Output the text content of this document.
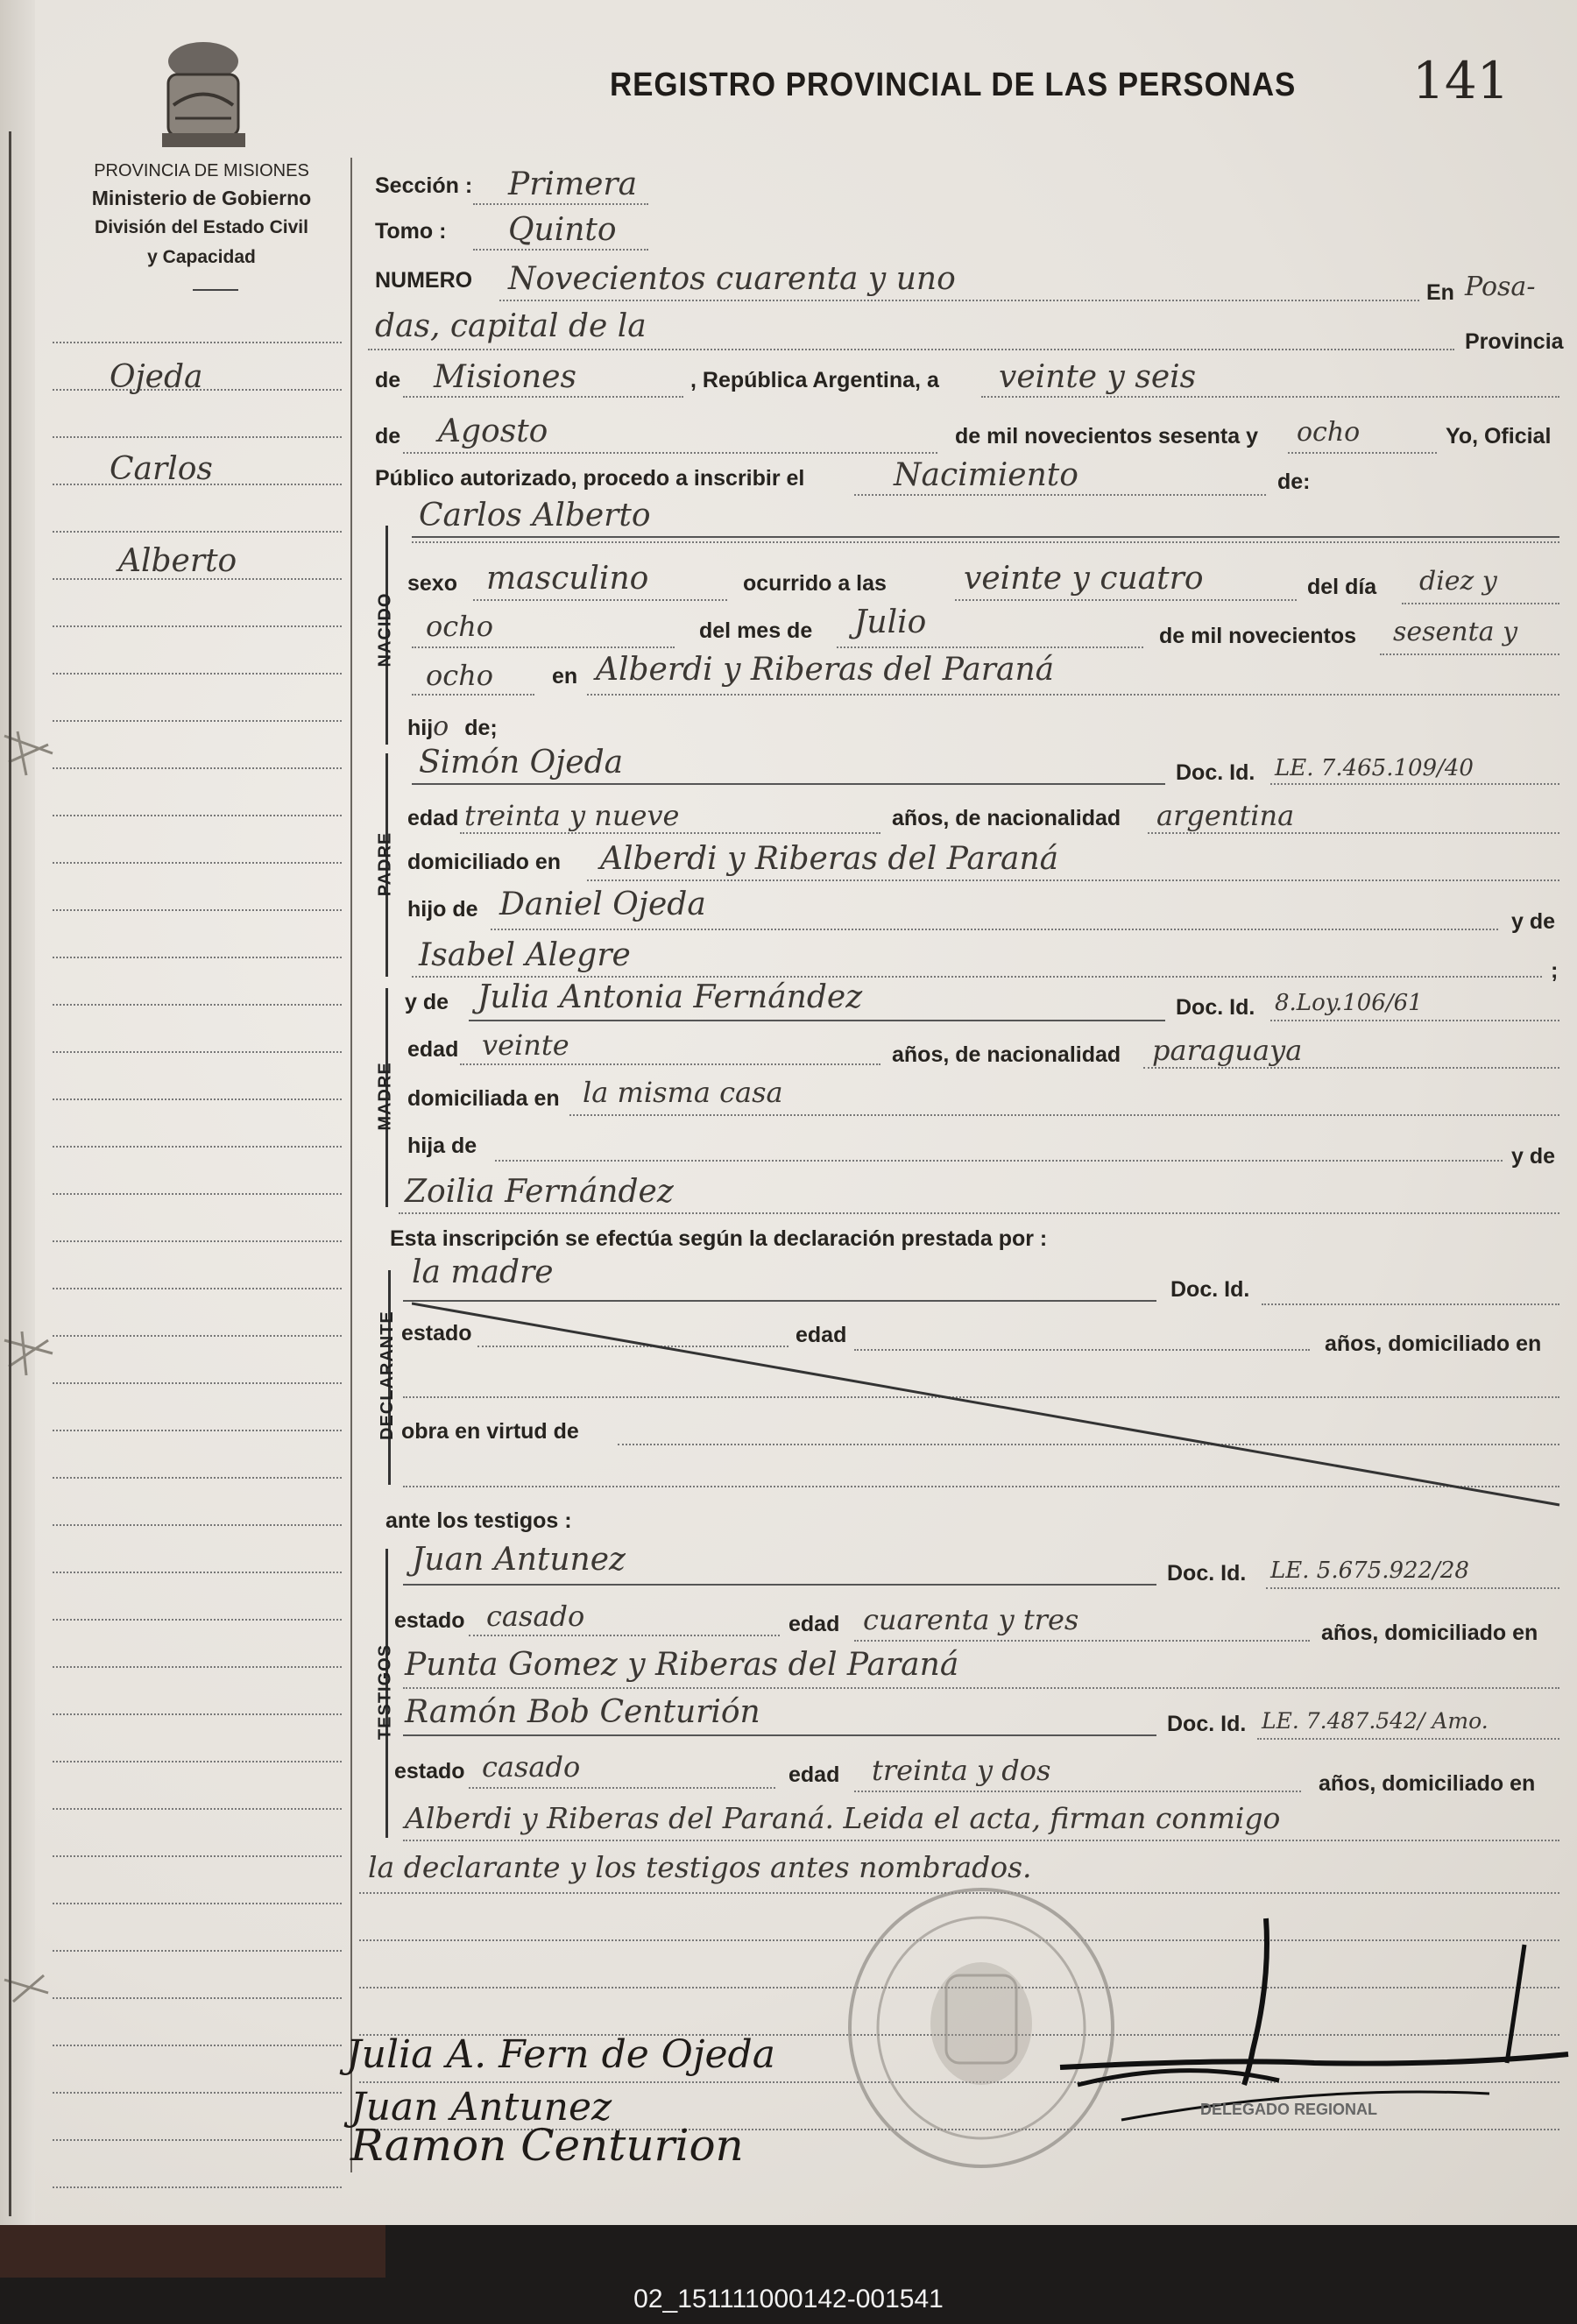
PROVINCIA DE MISIONES
Ministerio de Gobierno
División del Estado Civil
y Capacidad
REGISTRO PROVINCIAL DE LAS PERSONAS 141
Ojeda
Carlos
Alberto
Sección : Primera
Tomo : Quinto
NUMERO Novecientos cuarenta y uno	En Posa-
das, capital de la	Provincia
de Misiones	, República Argentina, a veinte y seis
de Agosto	de mil novecientos sesenta y ocho	Yo, Oficial
Público autorizado, procedo a inscribir el	Nacimiento	de:
NACIDO
Carlos Alberto
sexo masculino	ocurrido a las veinte y cuatro	del día diez y
ocho	del mes de Julio	de mil novecientos sesenta y
ocho	en Alberdi y Riberas del Paraná
hijo de;
PADRE
Simón Ojeda	Doc. Id. LE. 7.465.109/40
edad treinta y nueve	años, de nacionalidad argentina
domiciliado en Alberdi y Riberas del Paraná
hijo de Daniel Ojeda	y de
Isabel Alegre	;
MADRE
y de Julia Antonia Fernández	Doc. Id. 8.Loy.106/61
edad veinte	años, de nacionalidad paraguaya
domiciliada en la misma casa
hija de	y de
Zoilia Fernández
Esta inscripción se efectúa según la declaración prestada por :
DECLARANTE
la madre	Doc. Id.
estado	edad	años, domiciliado en
obra en virtud de
ante los testigos :
TESTIGOS
Juan Antunez	Doc. Id. LE. 5.675.922/28
estado casado	edad cuarenta y tres	años, domiciliado en
Punta Gomez y Riberas del Paraná
Ramón Bob Centurión	Doc. Id. LE. 7.487.542/ Amo.
estado casado	edad treinta y dos	años, domiciliado en
Alberdi y Riberas del Paraná. Leida el acta, firman conmigo
la declarante y los testigos antes nombrados.
Julia A. Fern de Ojeda
Juan Antunez
Ramon Centurion
DELEGADO REGIONAL
02_151111000142-001541
